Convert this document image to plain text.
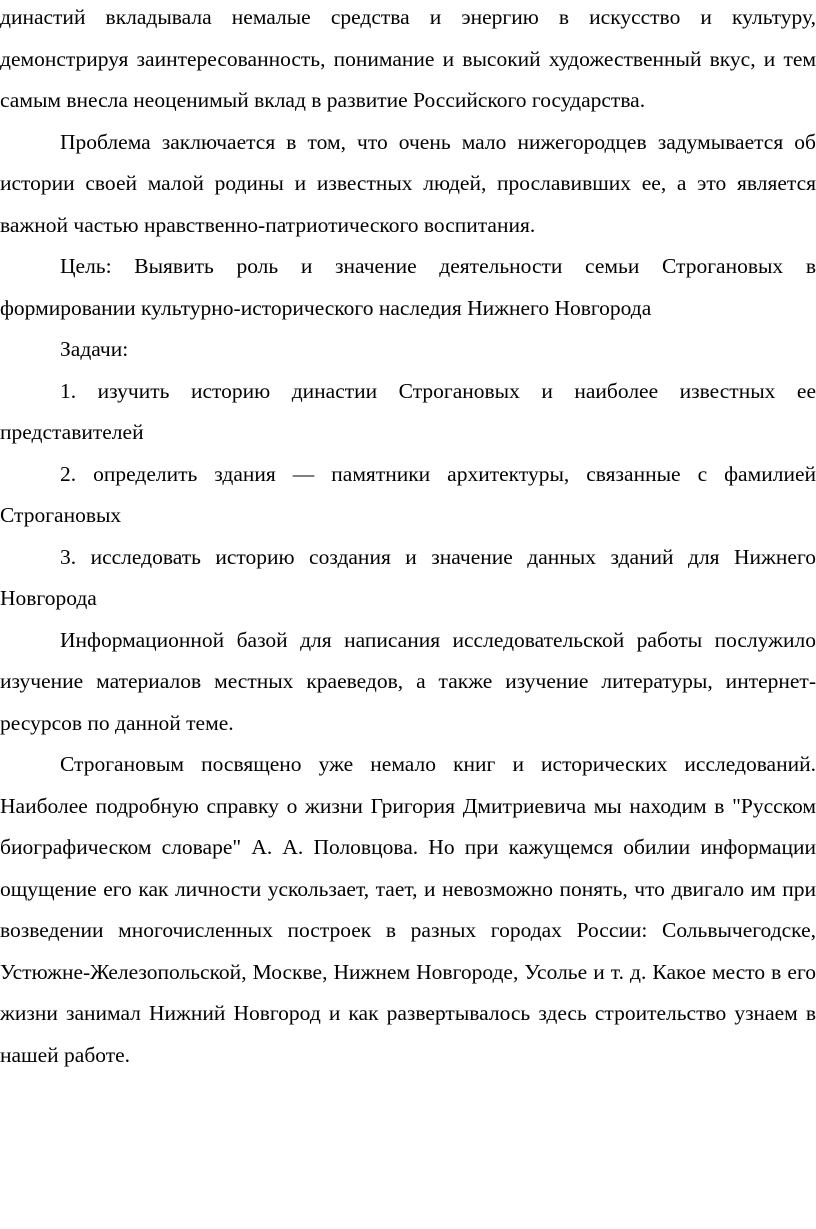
династий вкладывала немалые средства и энергию в искусство и культуру, демонстрируя заинтересованность, понимание и высокий художественный вкус, и тем самым внесла неоценимый вклад в развитие Российского государства.

Проблема заключается в том, что очень мало нижегородцев задумывается об истории своей малой родины и известных людей, прославивших ее, а это является важной частью нравственно-патриотического воспитания.

Цель: Выявить роль и значение деятельности семьи Строгановых в формировании культурно-исторического наследия Нижнего Новгорода

Задачи:

1. изучить историю династии Строгановых и наиболее известных ее представителей

2. определить здания — памятники архитектуры, связанные с фамилией Строгановых

3. исследовать историю создания и значение данных зданий для Нижнего Новгорода

Информационной базой для написания исследовательской работы послужило изучение материалов местных краеведов, а также изучение литературы, интернет-ресурсов по данной теме.

Строгановым посвящено уже немало книг и исторических исследований. Наиболее подробную справку о жизни Григория Дмитриевича мы находим в "Русском биографическом словаре" А. А. Половцова. Но при кажущемся обилии информации ощущение его как личности ускользает, тает, и невозможно понять, что двигало им при возведении многочисленных построек в разных городах России: Сольвычегодске, Устюжне-Железопольской, Москве, Нижнем Новгороде, Усолье и т. д. Какое место в его жизни занимал Нижний Новгород и как развертывалось здесь строительство узнаем в нашей работе.
